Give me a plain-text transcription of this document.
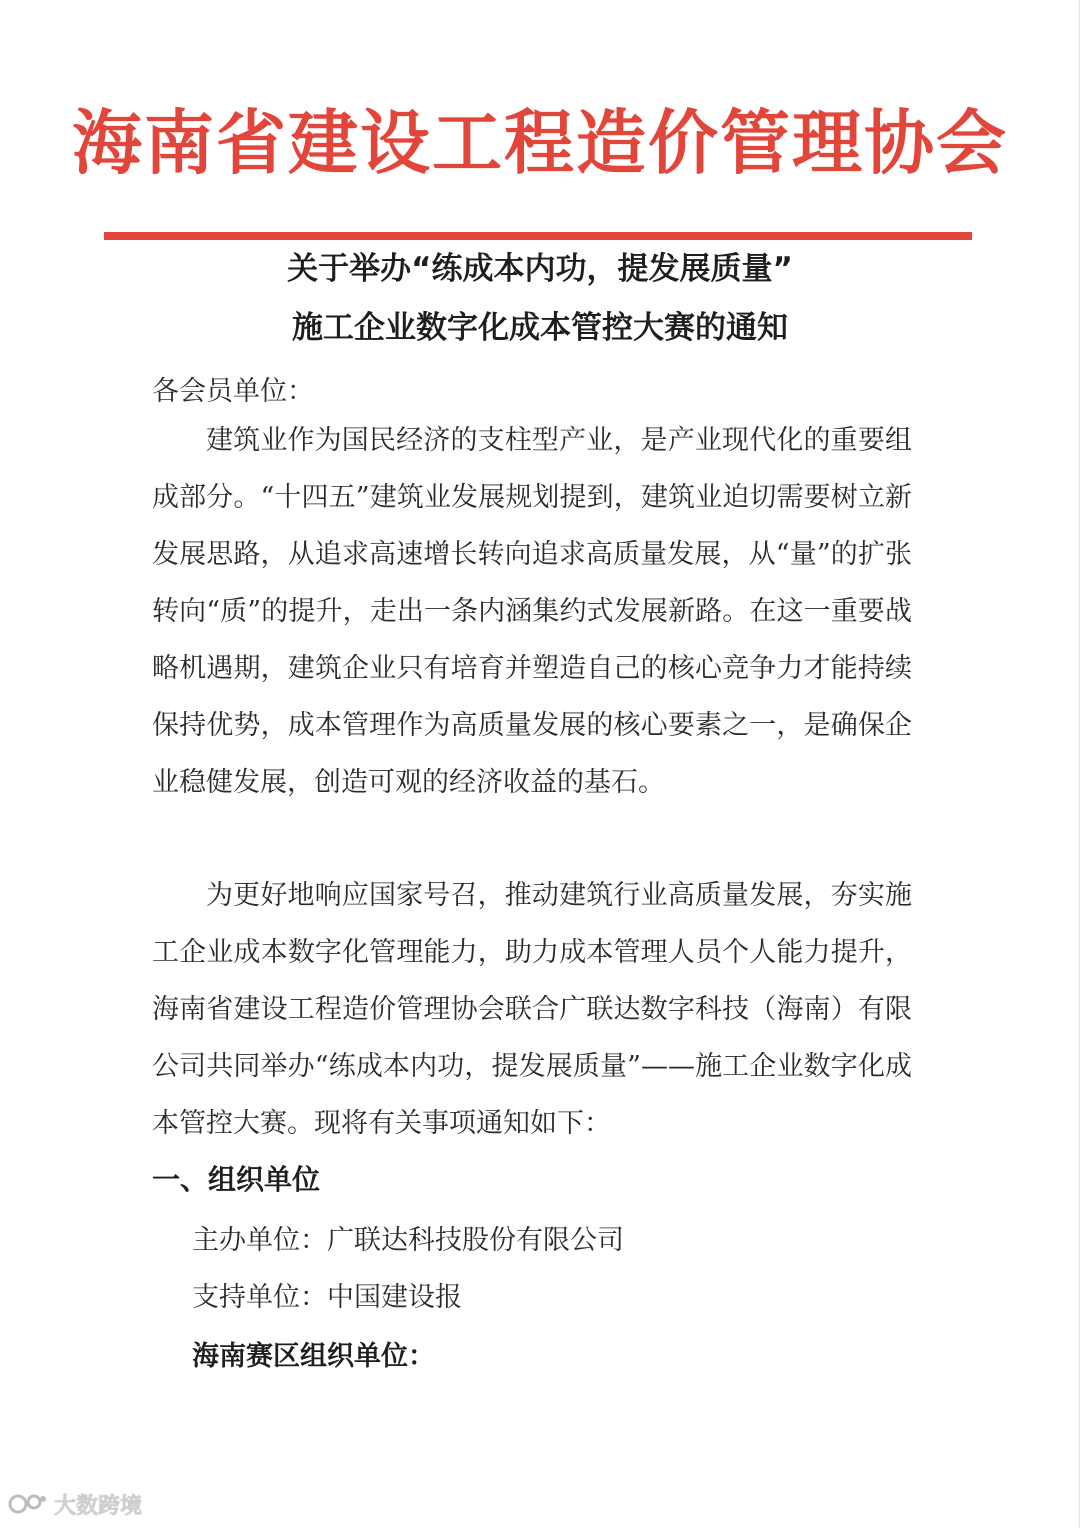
海南省建设工程造价管理协会
关于举办“练成本内功，提发展质量”
施工企业数字化成本管控大赛的通知
各会员单位：
建筑业作为国民经济的支柱型产业，是产业现代化的重要组成部分。“十四五”建筑业发展规划提到，建筑业迫切需要树立新发展思路，从追求高速增长转向追求高质量发展，从“量”的扩张转向“质”的提升，走出一条内涵集约式发展新路。在这一重要战略机遇期，建筑企业只有培育并塑造自己的核心竞争力才能持续保持优势，成本管理作为高质量发展的核心要素之一，是确保企业稳健发展，创造可观的经济收益的基石。
为更好地响应国家号召，推动建筑行业高质量发展，夯实施工企业成本数字化管理能力，助力成本管理人员个人能力提升，海南省建设工程造价管理协会联合广联达数字科技（海南）有限公司共同举办“练成本内功，提发展质量”——施工企业数字化成本管控大赛。现将有关事项通知如下：
一、组织单位
主办单位：广联达科技股份有限公司
支持单位：中国建设报
海南赛区组织单位：
大数跨境
